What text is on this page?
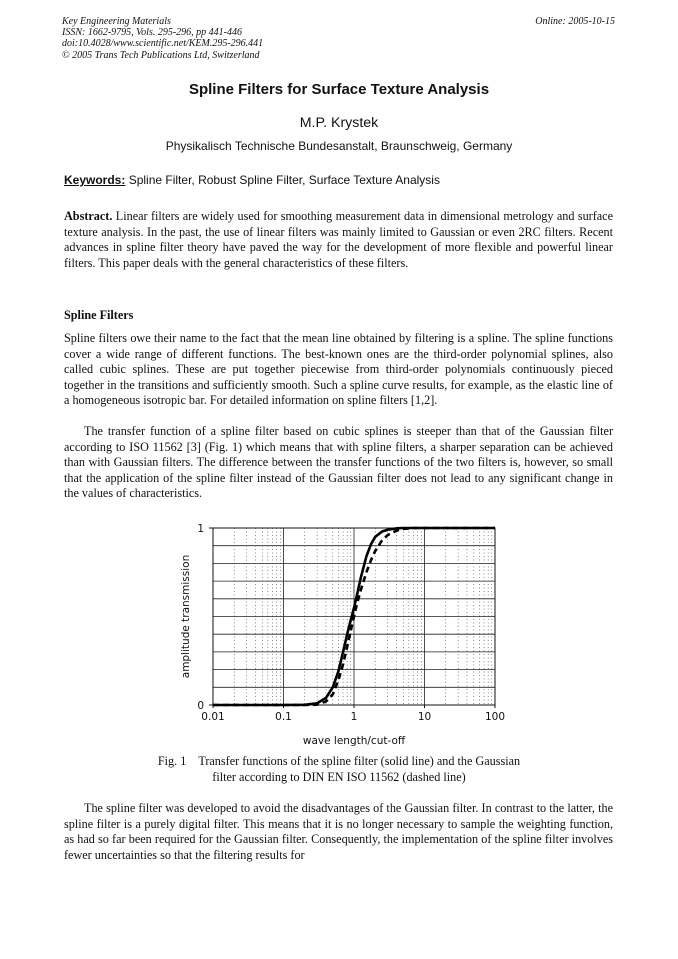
Key Engineering Materials
ISSN: 1662-9795, Vols. 295-296, pp 441-446
doi:10.4028/www.scientific.net/KEM.295-296.441
© 2005 Trans Tech Publications Ltd, Switzerland
Online: 2005-10-15
Spline Filters for Surface Texture Analysis
M.P. Krystek
Physikalisch Technische Bundesanstalt, Braunschweig, Germany
Keywords: Spline Filter, Robust Spline Filter, Surface Texture Analysis
Abstract. Linear filters are widely used for smoothing measurement data in dimensional metrology and surface texture analysis. In the past, the use of linear filters was mainly limited to Gaussian or even 2RC filters. Recent advances in spline filter theory have paved the way for the development of more flexible and powerful linear filters. This paper deals with the general characteristics of these filters.
Spline Filters
Spline filters owe their name to the fact that the mean line obtained by filtering is a spline. The spline functions cover a wide range of different functions. The best-known ones are the third-order polynomial splines, also called cubic splines. These are put together piecewise from third-order polynomials continuously pieced together in the transitions and sufficiently smooth. Such a spline curve results, for example, as the elastic line of a homogeneous isotropic bar. For detailed information on spline filters [1,2].
The transfer function of a spline filter based on cubic splines is steeper than that of the Gaussian filter according to ISO 11562 [3] (Fig. 1) which means that with spline filters, a sharper separation can be achieved than with Gaussian filters. The difference between the transfer functions of the two filters is, however, so small that the application of the spline filter instead of the Gaussian filter does not lead to any significant change in the values of characteristics.
0.01	0.1	1	10	100
0
1
wave length/cut-off
amplitude transmission
Fig. 1 Transfer functions of the spline filter (solid line) and the Gaussian
filter according to DIN EN ISO 11562 (dashed line)
The spline filter was developed to avoid the disadvantages of the Gaussian filter. In contrast to the latter, the spline filter is a purely digital filter. This means that it is no longer necessary to sample the weighting function, as had so far been required for the Gaussian filter. Consequently, the implementation of the spline filter involves fewer uncertainties so that the filtering results for
